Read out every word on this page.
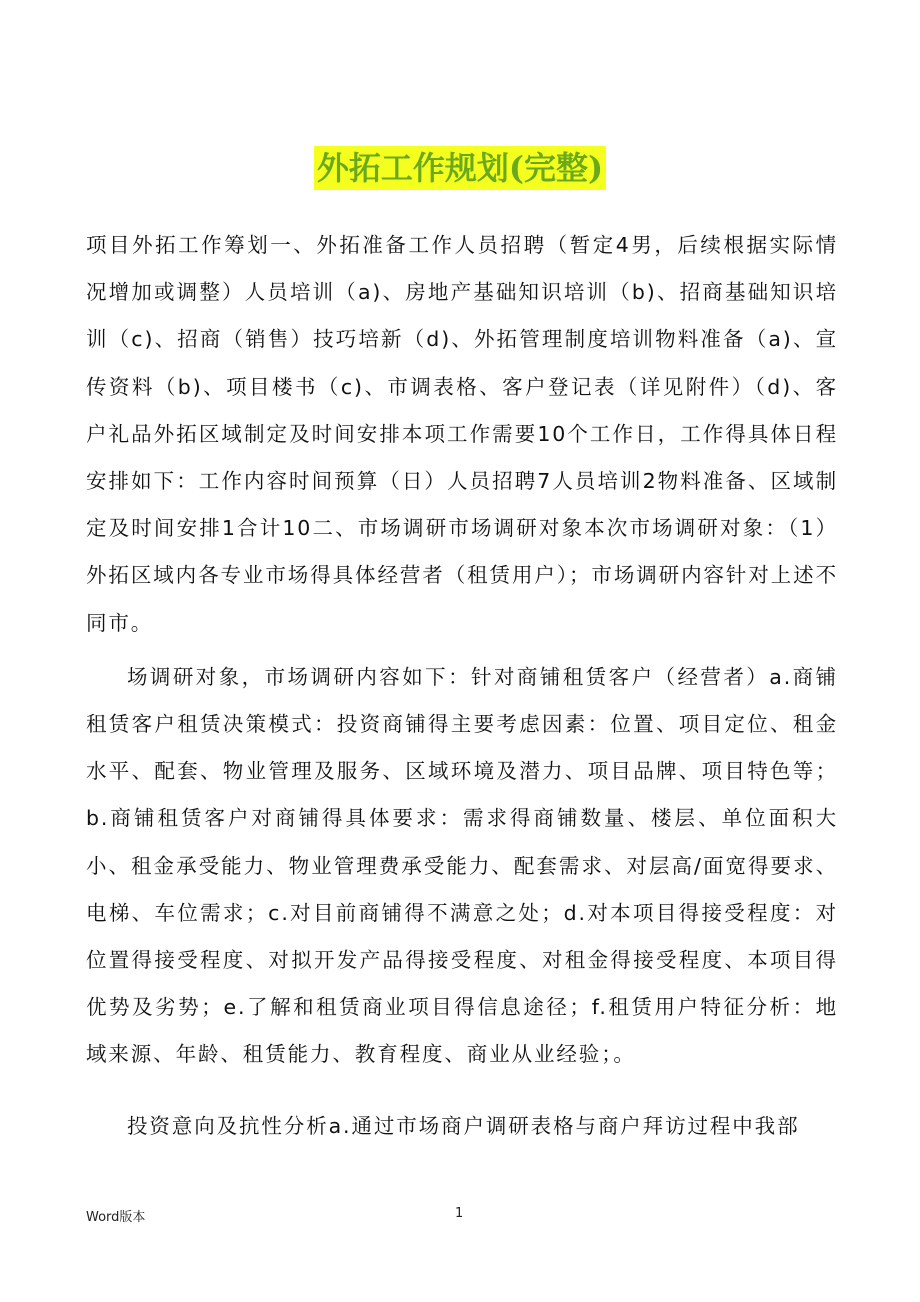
外拓工作规划(完整)

项目外拓工作筹划一、外拓准备工作人员招聘（暂定4男，后续根据实际情况增加或调整）人员培训（a)、房地产基础知识培训（b)、招商基础知识培训（c)、招商（销售）技巧培新（d)、外拓管理制度培训物料准备（a)、宣传资料（b)、项目楼书（c)、市调表格、客户登记表（详见附件）（d)、客户礼品外拓区域制定及时间安排本项工作需要10个工作日，工作得具体日程安排如下：工作内容时间预算（日）人员招聘7人员培训2物料准备、区域制定及时间安排1合计10二、市场调研市场调研对象本次市场调研对象：（1）外拓区域内各专业市场得具体经营者（租赁用户）；市场调研内容针对上述不同市。

场调研对象，市场调研内容如下：针对商铺租赁客户（经营者）a.商铺租赁客户租赁决策模式：投资商铺得主要考虑因素：位置、项目定位、租金水平、配套、物业管理及服务、区域环境及潜力、项目品牌、项目特色等；b.商铺租赁客户对商铺得具体要求：需求得商铺数量、楼层、单位面积大小、租金承受能力、物业管理费承受能力、配套需求、对层高/面宽得要求、电梯、车位需求；c.对目前商铺得不满意之处；d.对本项目得接受程度：对位置得接受程度、对拟开发产品得接受程度、对租金得接受程度、本项目得优势及劣势；e.了解和租赁商业项目得信息途径；f.租赁用户特征分析：地域来源、年龄、租赁能力、教育程度、商业从业经验；。

投资意向及抗性分析a.通过市场商户调研表格与商户拜访过程中我部

Word版本	1
